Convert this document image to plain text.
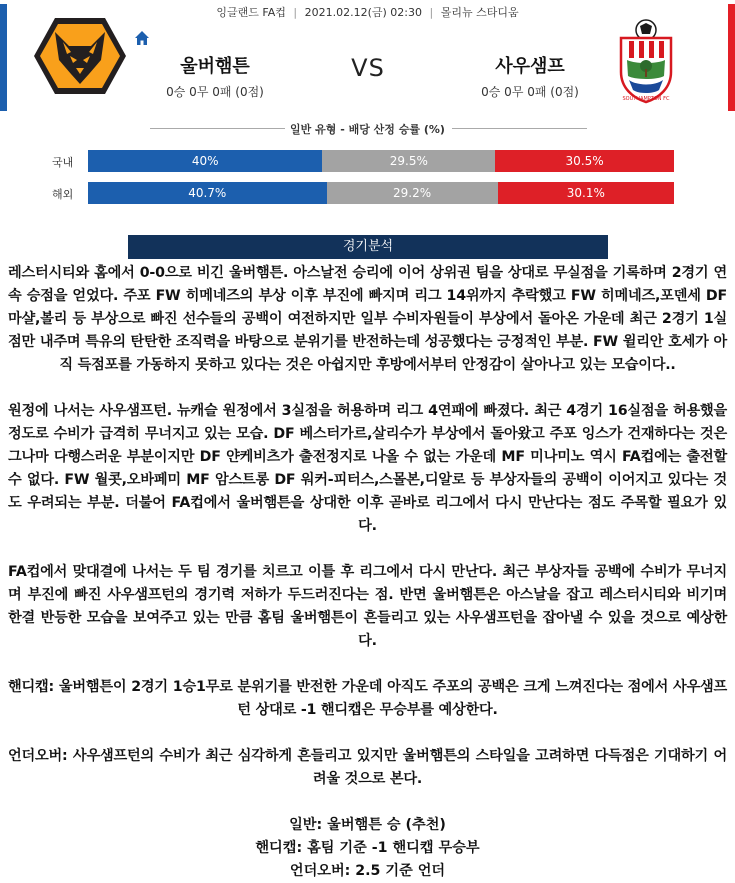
잉글랜드 FA컵 | 2021.02.12(금) 02:30 | 몰리뉴 스타디움
울버햄튼
0승 0무 0패 (0점)
VS	사우샘프
0승 0무 0패 (0점)	SOUTHAMPTON FC
일반 유형 - 배당 산정 승률 (%)
국내	40%	29.5%	30.5%
해외	40.7%	29.2%	30.1%
경기분석

레스터시티와 홈에서 0-0으로 비긴 울버햄튼. 아스날전 승리에 이어 상위권 팀을 상대로 무실점을 기록하며 2경기 연속 승점을 얻었다. 주포 FW 히메네즈의 부상 이후 부진에 빠지며 리그 14위까지 추락했고 FW 히메네즈,포덴세 DF 마샬,볼리 등 부상으로 빠진 선수들의 공백이 여전하지만 일부 수비자원들이 부상에서 돌아온 가운데 최근 2경기 1실점만 내주며 특유의 탄탄한 조직력을 바탕으로 분위기를 반전하는데 성공했다는 긍정적인 부분. FW 윌리안 호세가 아직 득점포를 가동하지 못하고 있다는 것은 아쉽지만 후방에서부터 안정감이 살아나고 있는 모습이다..

원정에 나서는 사우샘프턴. 뉴캐슬 원정에서 3실점을 허용하며 리그 4연패에 빠졌다. 최근 4경기 16실점을 허용했을 정도로 수비가 급격히 무너지고 있는 모습. DF 베스터가르,살리수가 부상에서 돌아왔고 주포 잉스가 건재하다는 것은 그나마 다행스러운 부분이지만 DF 얀케비츠가 출전정지로 나올 수 없는 가운데 MF 미나미노 역시 FA컵에는 출전할 수 없다. FW 월콧,오바페미 MF 암스트롱 DF 워커-피터스,스몰본,디알로 등 부상자들의 공백이 이어지고 있다는 것도 우려되는 부분. 더불어 FA컵에서 울버햄튼을 상대한 이후 곧바로 리그에서 다시 만난다는 점도 주목할 필요가 있다.

FA컵에서 맞대결에 나서는 두 팀 경기를 치르고 이틀 후 리그에서 다시 만난다. 최근 부상자들 공백에 수비가 무너지며 부진에 빠진 사우샘프턴의 경기력 저하가 두드러진다는 점. 반면 울버햄튼은 아스날을 잡고 레스터시티와 비기며 한결 반등한 모습을 보여주고 있는 만큼 홈팀 울버햄튼이 흔들리고 있는 사우샘프턴을 잡아낼 수 있을 것으로 예상한다.

핸디캡: 울버햄튼이 2경기 1승1무로 분위기를 반전한 가운데 아직도 주포의 공백은 크게 느껴진다는 점에서 사우샘프턴 상대로 -1 핸디캡은 무승부를 예상한다.

언더오버: 사우샘프턴의 수비가 최근 심각하게 흔들리고 있지만 울버햄튼의 스타일을 고려하면 다득점은 기대하기 어려울 것으로 본다.

일반: 울버햄튼 승 (추천)
핸디캡: 홈팀 기준 -1 핸디캡 무승부
언더오버: 2.5 기준 언더
